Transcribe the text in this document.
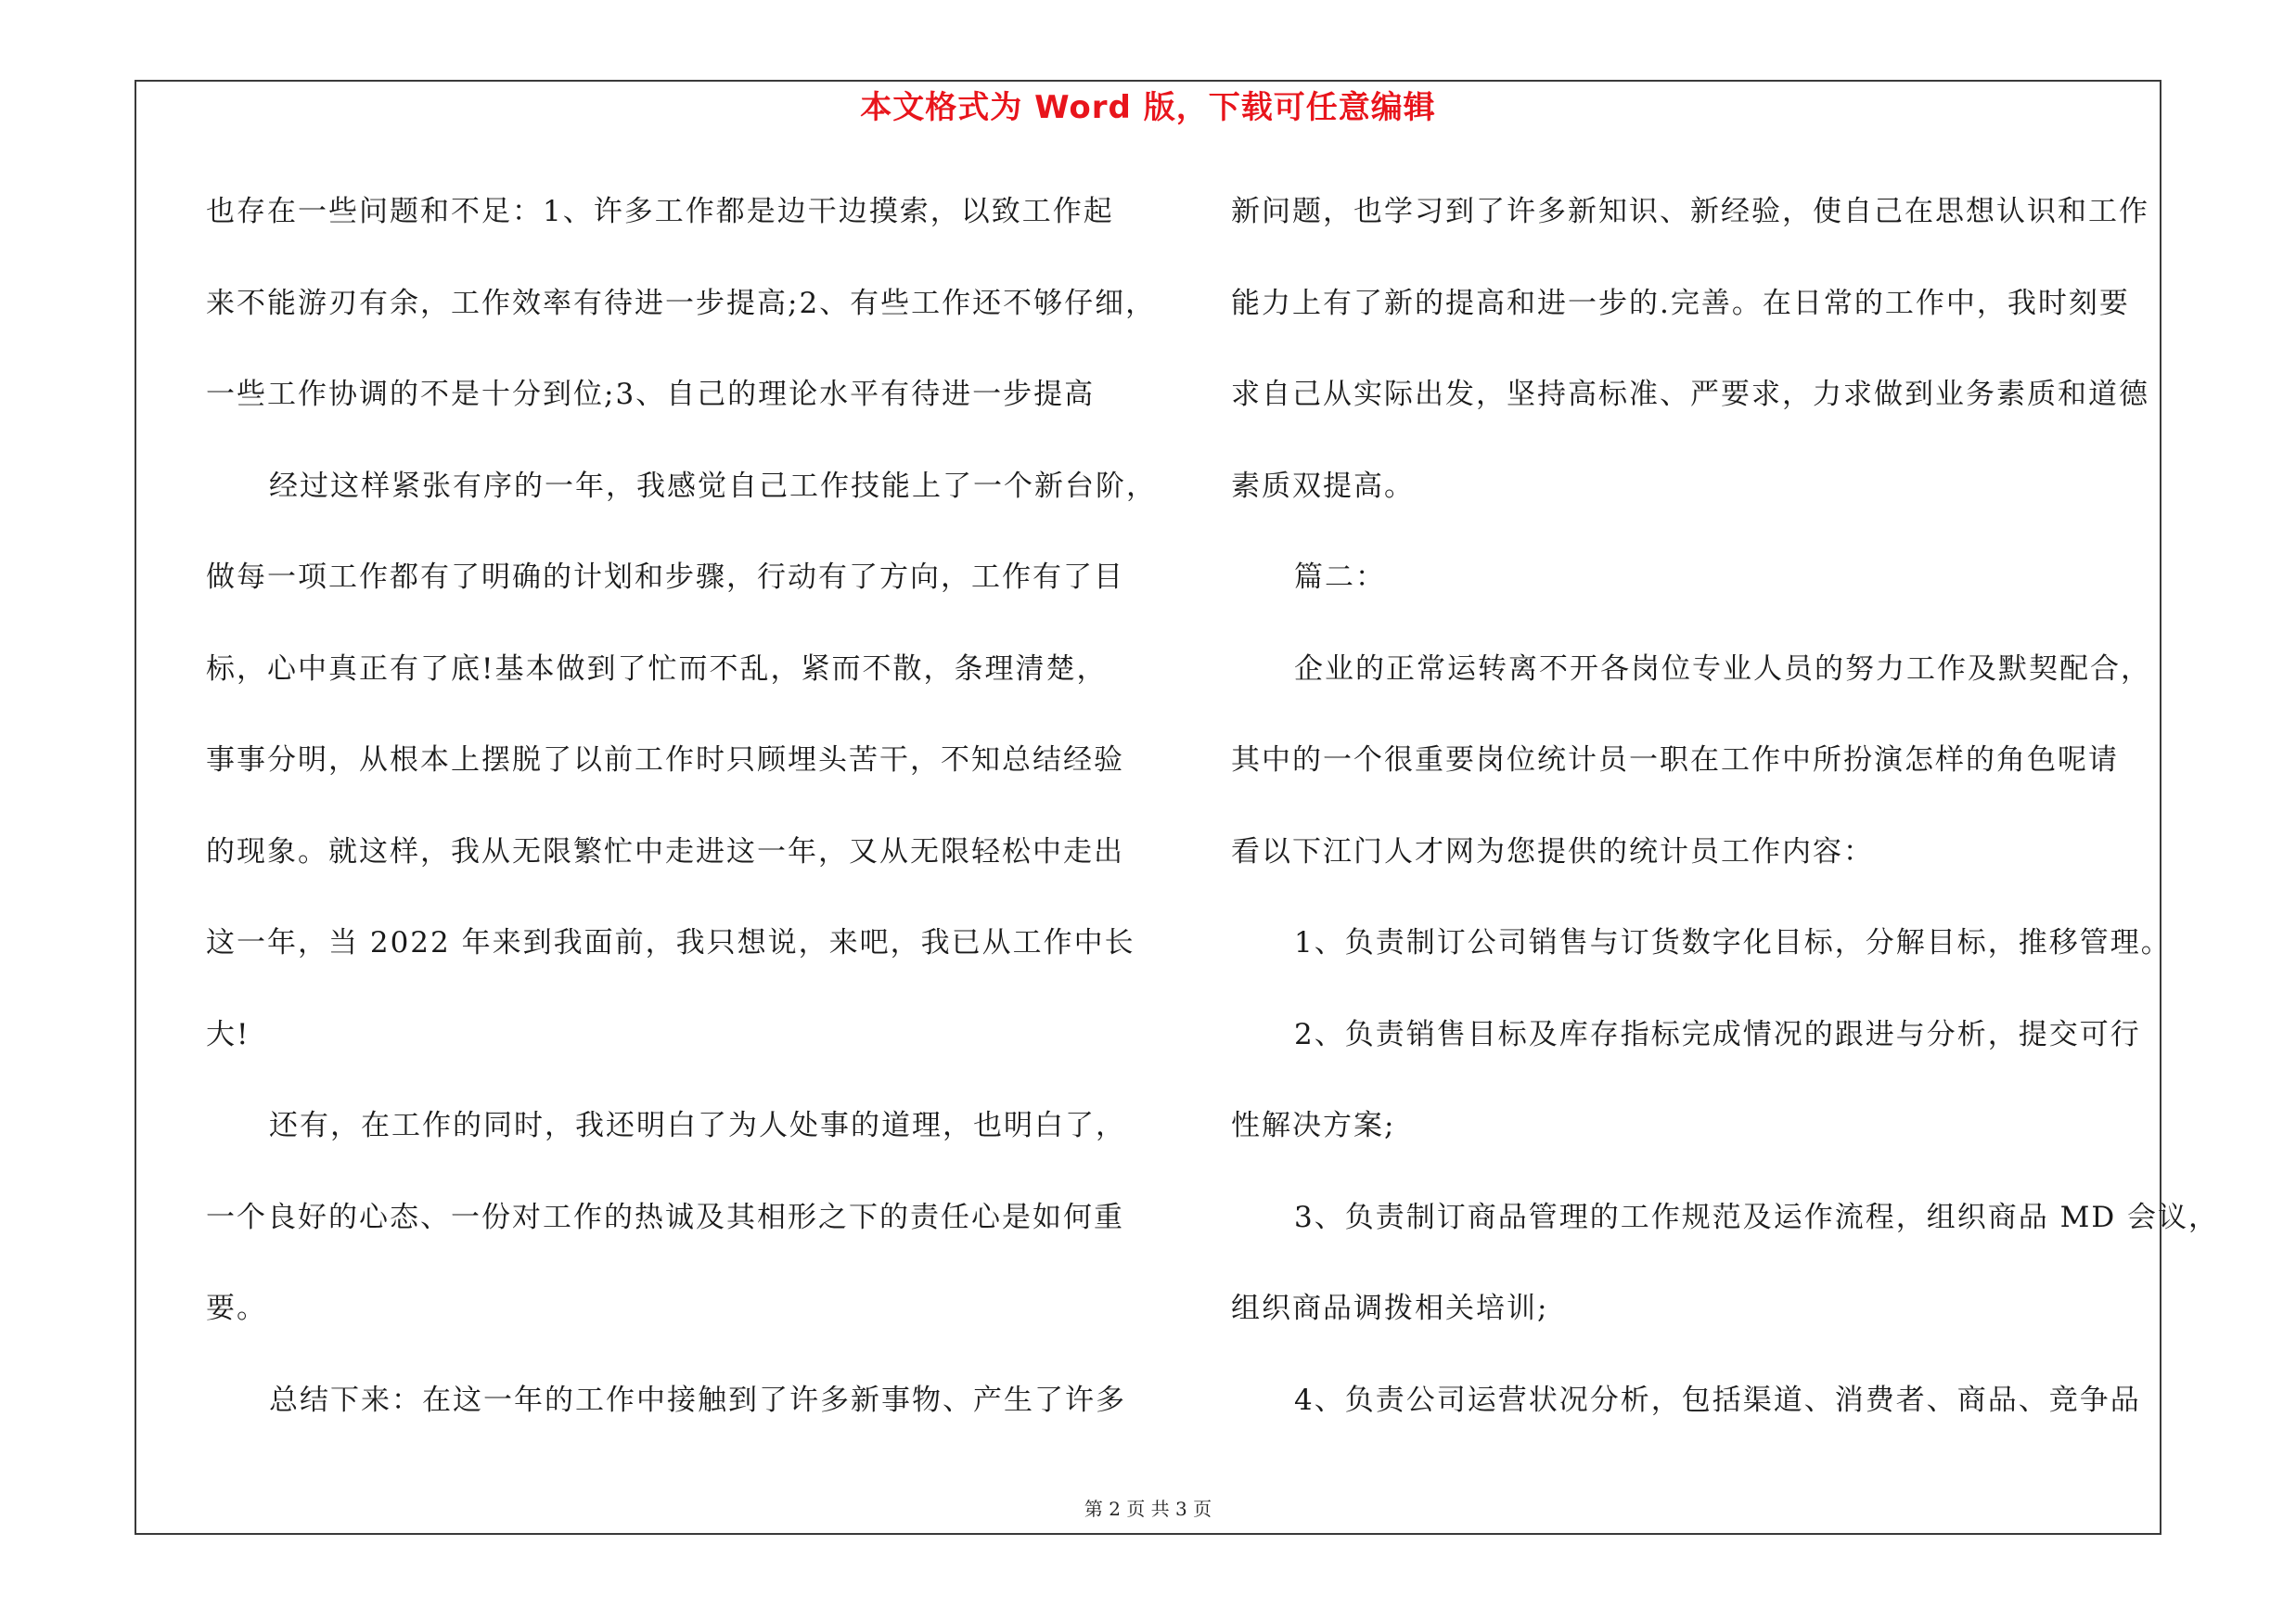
本文格式为 Word 版，下载可任意编辑
也存在一些问题和不足：1、许多工作都是边干边摸索，以致工作起
来不能游刃有余，工作效率有待进一步提高;2、有些工作还不够仔细，
一些工作协调的不是十分到位;3、自己的理论水平有待进一步提高
经过这样紧张有序的一年，我感觉自己工作技能上了一个新台阶，
做每一项工作都有了明确的计划和步骤，行动有了方向，工作有了目
标，心中真正有了底!基本做到了忙而不乱，紧而不散，条理清楚，
事事分明，从根本上摆脱了以前工作时只顾埋头苦干，不知总结经验
的现象。就这样，我从无限繁忙中走进这一年，又从无限轻松中走出
这一年，当 2022 年来到我面前，我只想说，来吧，我已从工作中长
大!
还有，在工作的同时，我还明白了为人处事的道理，也明白了，
一个良好的心态、一份对工作的热诚及其相形之下的责任心是如何重
要。
总结下来：在这一年的工作中接触到了许多新事物、产生了许多
新问题，也学习到了许多新知识、新经验，使自己在思想认识和工作
能力上有了新的提高和进一步的.完善。在日常的工作中，我时刻要
求自己从实际出发，坚持高标准、严要求，力求做到业务素质和道德
素质双提高。
篇二：
企业的正常运转离不开各岗位专业人员的努力工作及默契配合，
其中的一个很重要岗位统计员一职在工作中所扮演怎样的角色呢请
看以下江门人才网为您提供的统计员工作内容：
1、负责制订公司销售与订货数字化目标，分解目标，推移管理。
2、负责销售目标及库存指标完成情况的跟进与分析，提交可行
性解决方案;
3、负责制订商品管理的工作规范及运作流程，组织商品 MD 会议，
组织商品调拨相关培训;
4、负责公司运营状况分析，包括渠道、消费者、商品、竞争品
第 2 页 共 3 页
